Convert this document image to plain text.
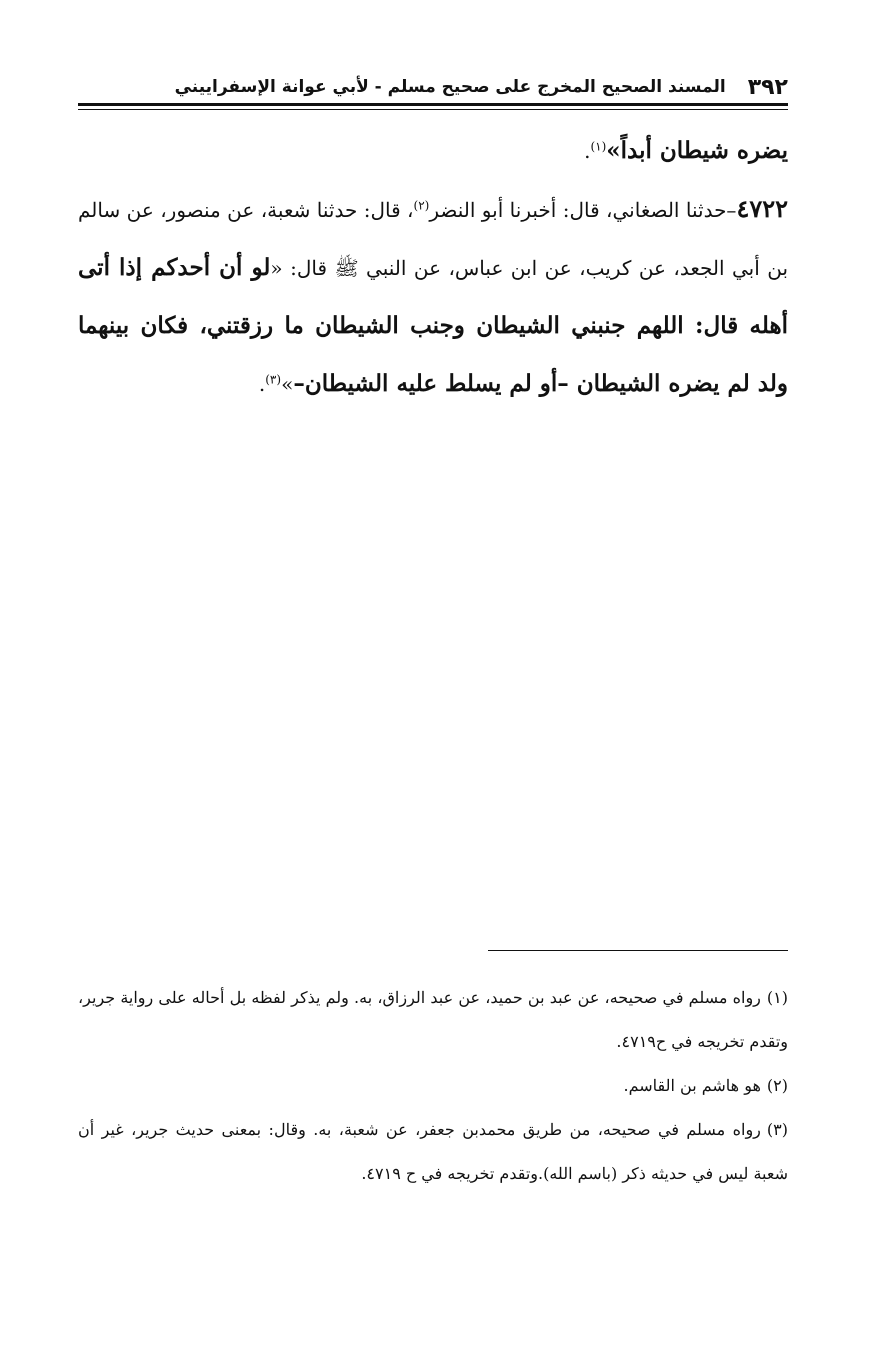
٣٩٢
المسند الصحيح المخرج على صحيح مسلم - لأبي عوانة الإسفراييني

يضره شيطان أبداً»$^{(١)}$.

٤٧٢٢–حدثنا الصغاني، قال: أخبرنا أبو النضر$^{(٢)}$، قال: حدثنا شعبة، عن منصور، عن سالم بن أبي الجعد، عن كريب، عن ابن عباس، عن النبي ﷺ قال: «لو أن أحدكم إذا أتى أهله قال: اللهم جنبني الشيطان وجنب الشيطان ما رزقتني، فكان بينهما ولد لم يضره الشيطان –أو لم يسلط عليه الشيطان–»$^{(٣)}$.

(١)رواه مسلم في صحيحه، عن عبد بن حميد، عن عبد الرزاق، به. ولم يذكر لفظه بل أحاله على رواية جرير، وتقدم تخريجه في ح٤٧١٩.

(٢)هو هاشم بن القاسم.

(٣)رواه مسلم في صحيحه، من طريق محمدبن جعفر، عن شعبة، به. وقال: بمعنى حديث جرير، غير أن شعبة ليس في حديثه ذكر (باسم الله).وتقدم تخريجه في ح ٤٧١٩.
